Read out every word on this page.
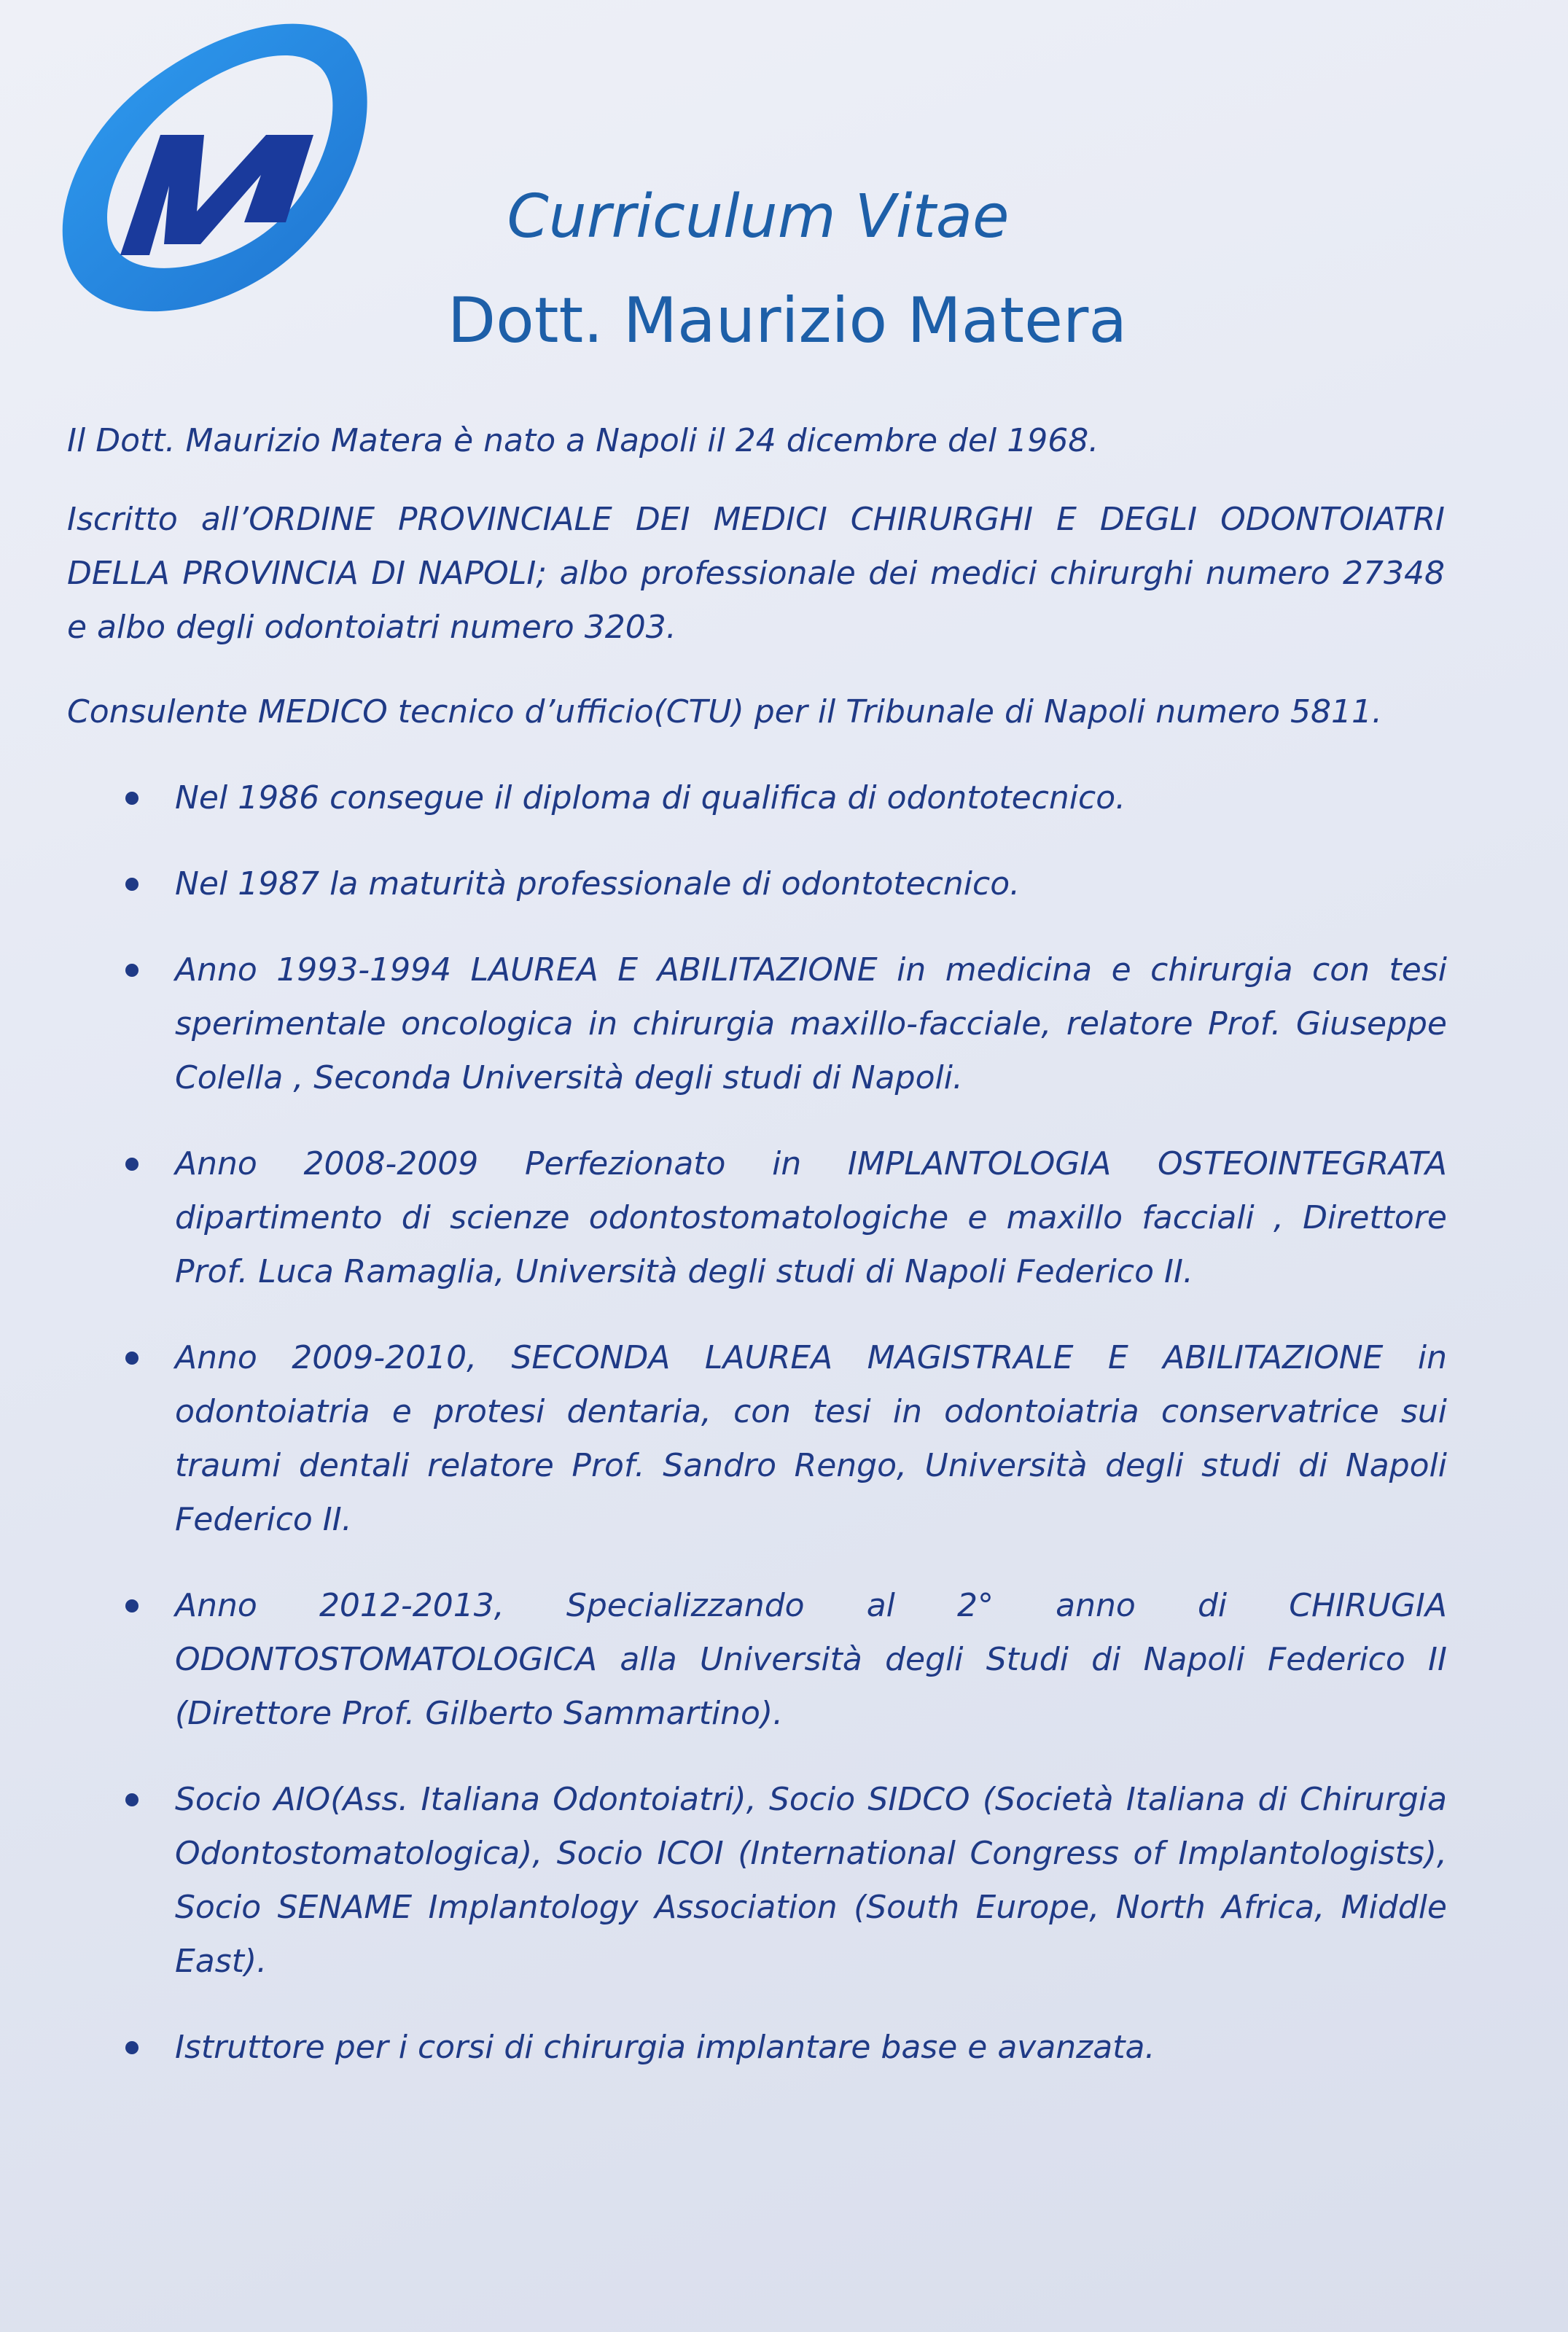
Curriculum Vitae
Dott. Maurizio Matera

Il Dott. Maurizio Matera è nato a Napoli il 24 dicembre del 1968.

Iscritto all’ORDINE PROVINCIALE DEI MEDICI CHIRURGHI E DEGLI ODONTOIATRI DELLA PROVINCIA DI NAPOLI; albo professionale dei medici chirurghi numero 27348 e albo degli odontoiatri numero 3203.

Consulente MEDICO tecnico d’ufficio(CTU) per il Tribunale di Napoli numero 5811.

Nel 1986 consegue il diploma di qualifica di odontotecnico.
Nel 1987 la maturità professionale di odontotecnico.
Anno 1993-1994 LAUREA E ABILITAZIONE in medicina e chirurgia con tesi sperimentale oncologica in chirurgia maxillo-facciale, relatore Prof. Giuseppe Colella , Seconda Università degli studi di Napoli.
Anno 2008-2009 Perfezionato in IMPLANTOLOGIA OSTEOINTEGRATA dipartimento di scienze odontostomatologiche e maxillo facciali , Direttore Prof. Luca Ramaglia, Università degli studi di Napoli Federico II.
Anno 2009-2010, SECONDA LAUREA MAGISTRALE E ABILITAZIONE in odontoiatria e protesi dentaria, con tesi in odontoiatria conservatrice sui traumi dentali relatore Prof. Sandro Rengo, Università degli studi di Napoli Federico II.
Anno 2012-2013, Specializzando al 2° anno di CHIRUGIA ODONTOSTOMATOLOGICA alla Università degli Studi di Napoli Federico II (Direttore Prof. Gilberto Sammartino).
Socio AIO(Ass. Italiana Odontoiatri), Socio SIDCO (Società Italiana di Chirurgia Odontostomatologica), Socio ICOI (International Congress of Implantologists), Socio SENAME Implantology Association (South Europe, North Africa, Middle East).
Istruttore per i corsi di chirurgia implantare base e avanzata.
